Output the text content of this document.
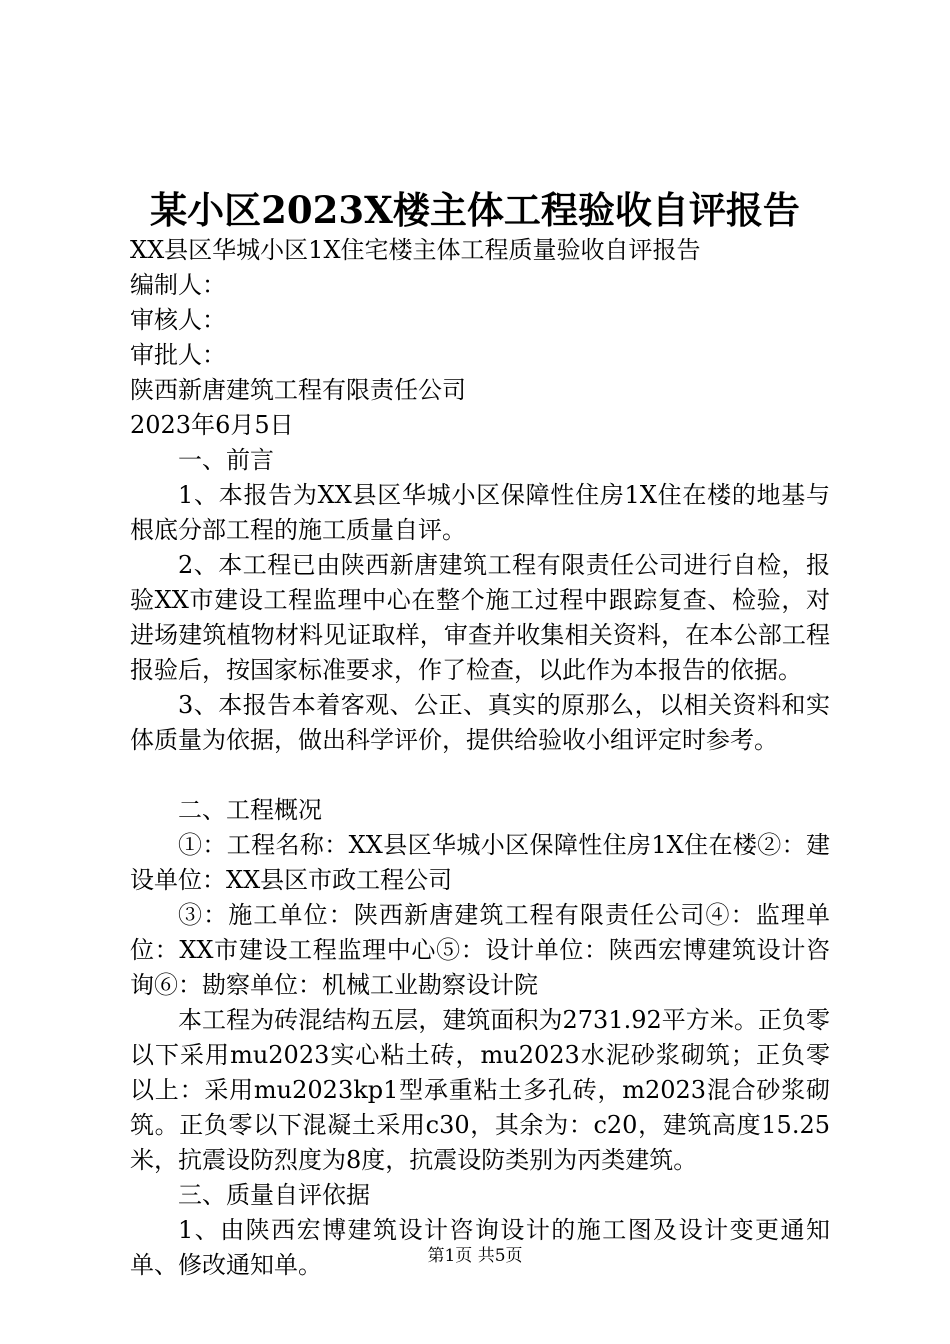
某小区2023X楼主体工程验收自评报告

XX县区华城小区1X住宅楼主体工程质量验收自评报告

编制人：

审核人：

审批人：

陕西新唐建筑工程有限责任公司

2023年6月5日

一、前言

1、本报告为XX县区华城小区保障性住房1X住在楼的地基与根底分部工程的施工质量自评。

2、本工程已由陕西新唐建筑工程有限责任公司进行自检，报验XX市建设工程监理中心在整个施工过程中跟踪复查、检验，对进场建筑植物材料见证取样，审查并收集相关资料，在本公部工程报验后，按国家标准要求，作了检查，以此作为本报告的依据。

3、本报告本着客观、公正、真实的原那么，以相关资料和实体质量为依据，做出科学评价，提供给验收小组评定时参考。

二、工程概况

①：工程名称：XX县区华城小区保障性住房1X住在楼②：建设单位：XX县区市政工程公司

③：施工单位：陕西新唐建筑工程有限责任公司④：监理单位：XX市建设工程监理中心⑤：设计单位：陕西宏博建筑设计咨询⑥：勘察单位：机械工业勘察设计院

本工程为砖混结构五层，建筑面积为2731.92平方米。正负零以下采用mu2023实心粘土砖，mu2023水泥砂浆砌筑；正负零以上：采用mu2023kp1型承重粘土多孔砖，m2023混合砂浆砌筑。正负零以下混凝土采用c30，其余为：c20，建筑高度15.25米，抗震设防烈度为8度，抗震设防类别为丙类建筑。

三、质量自评依据

1、由陕西宏博建筑设计咨询设计的施工图及设计变更通知单、修改通知单。	第1页 共5页
